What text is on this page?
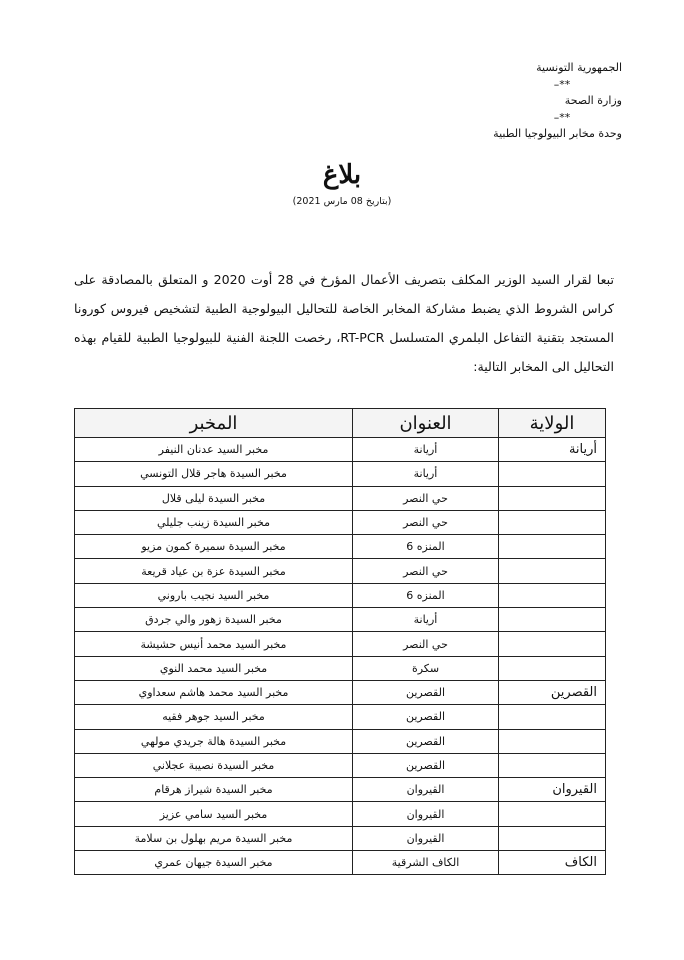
الجمهورية التونسية
**–
وزارة الصحة
**–
وحدة مخابر البيولوجيا الطبية
بلاغ
(بتاريخ 08 مارس 2021)
تبعا لقرار السيد الوزير المكلف بتصريف الأعمال المؤرخ في 28 أوت 2020 و المتعلق بالمصادقة على كراس الشروط الذي يضبط مشاركة المخابر الخاصة للتحاليل البيولوجية الطبية لتشخيص فيروس كورونا المستجد بتقنية التفاعل البلمري المتسلسل RT-PCR، رخصت اللجنة الفنية للبيولوجيا الطبية للقيام بهذه التحاليل الى المخابر التالية:
الولاية	العنوان	المخبر
أريانة	أريانة	مخبر السيد عدنان النيفر
	أريانة	مخبر السيدة هاجر قلال التونسي
	حي النصر	مخبر السيدة ليلى قلال
	حي النصر	مخبر السيدة زينب جليلي
	المنزه 6	مخبر السيدة سميرة كمون مزيو
	حي النصر	مخبر السيدة عزة بن عياد قريعة
	المنزه 6	مخبر السيد نجيب باروني
	أريانة	مخبر السيدة زهور والي جردق
	حي النصر	مخبر السيد محمد أنيس حشيشة
	سكرة	مخبر السيد محمد النوي
القصرين	القصرين	مخبر السيد محمد هاشم سعداوي
	القصرين	مخبر السيد جوهر فقيه
	القصرين	مخبر السيدة هالة جريدي مولهي
	القصرين	مخبر السيدة نصيبة عجلاني
القيروان	القيروان	مخبر السيدة شيراز هرقام
	القيروان	مخبر السيد سامي عزيز
	القيروان	مخبر السيدة مريم بهلول بن سلامة
الكاف	الكاف الشرقية	مخبر السيدة جيهان عمري
